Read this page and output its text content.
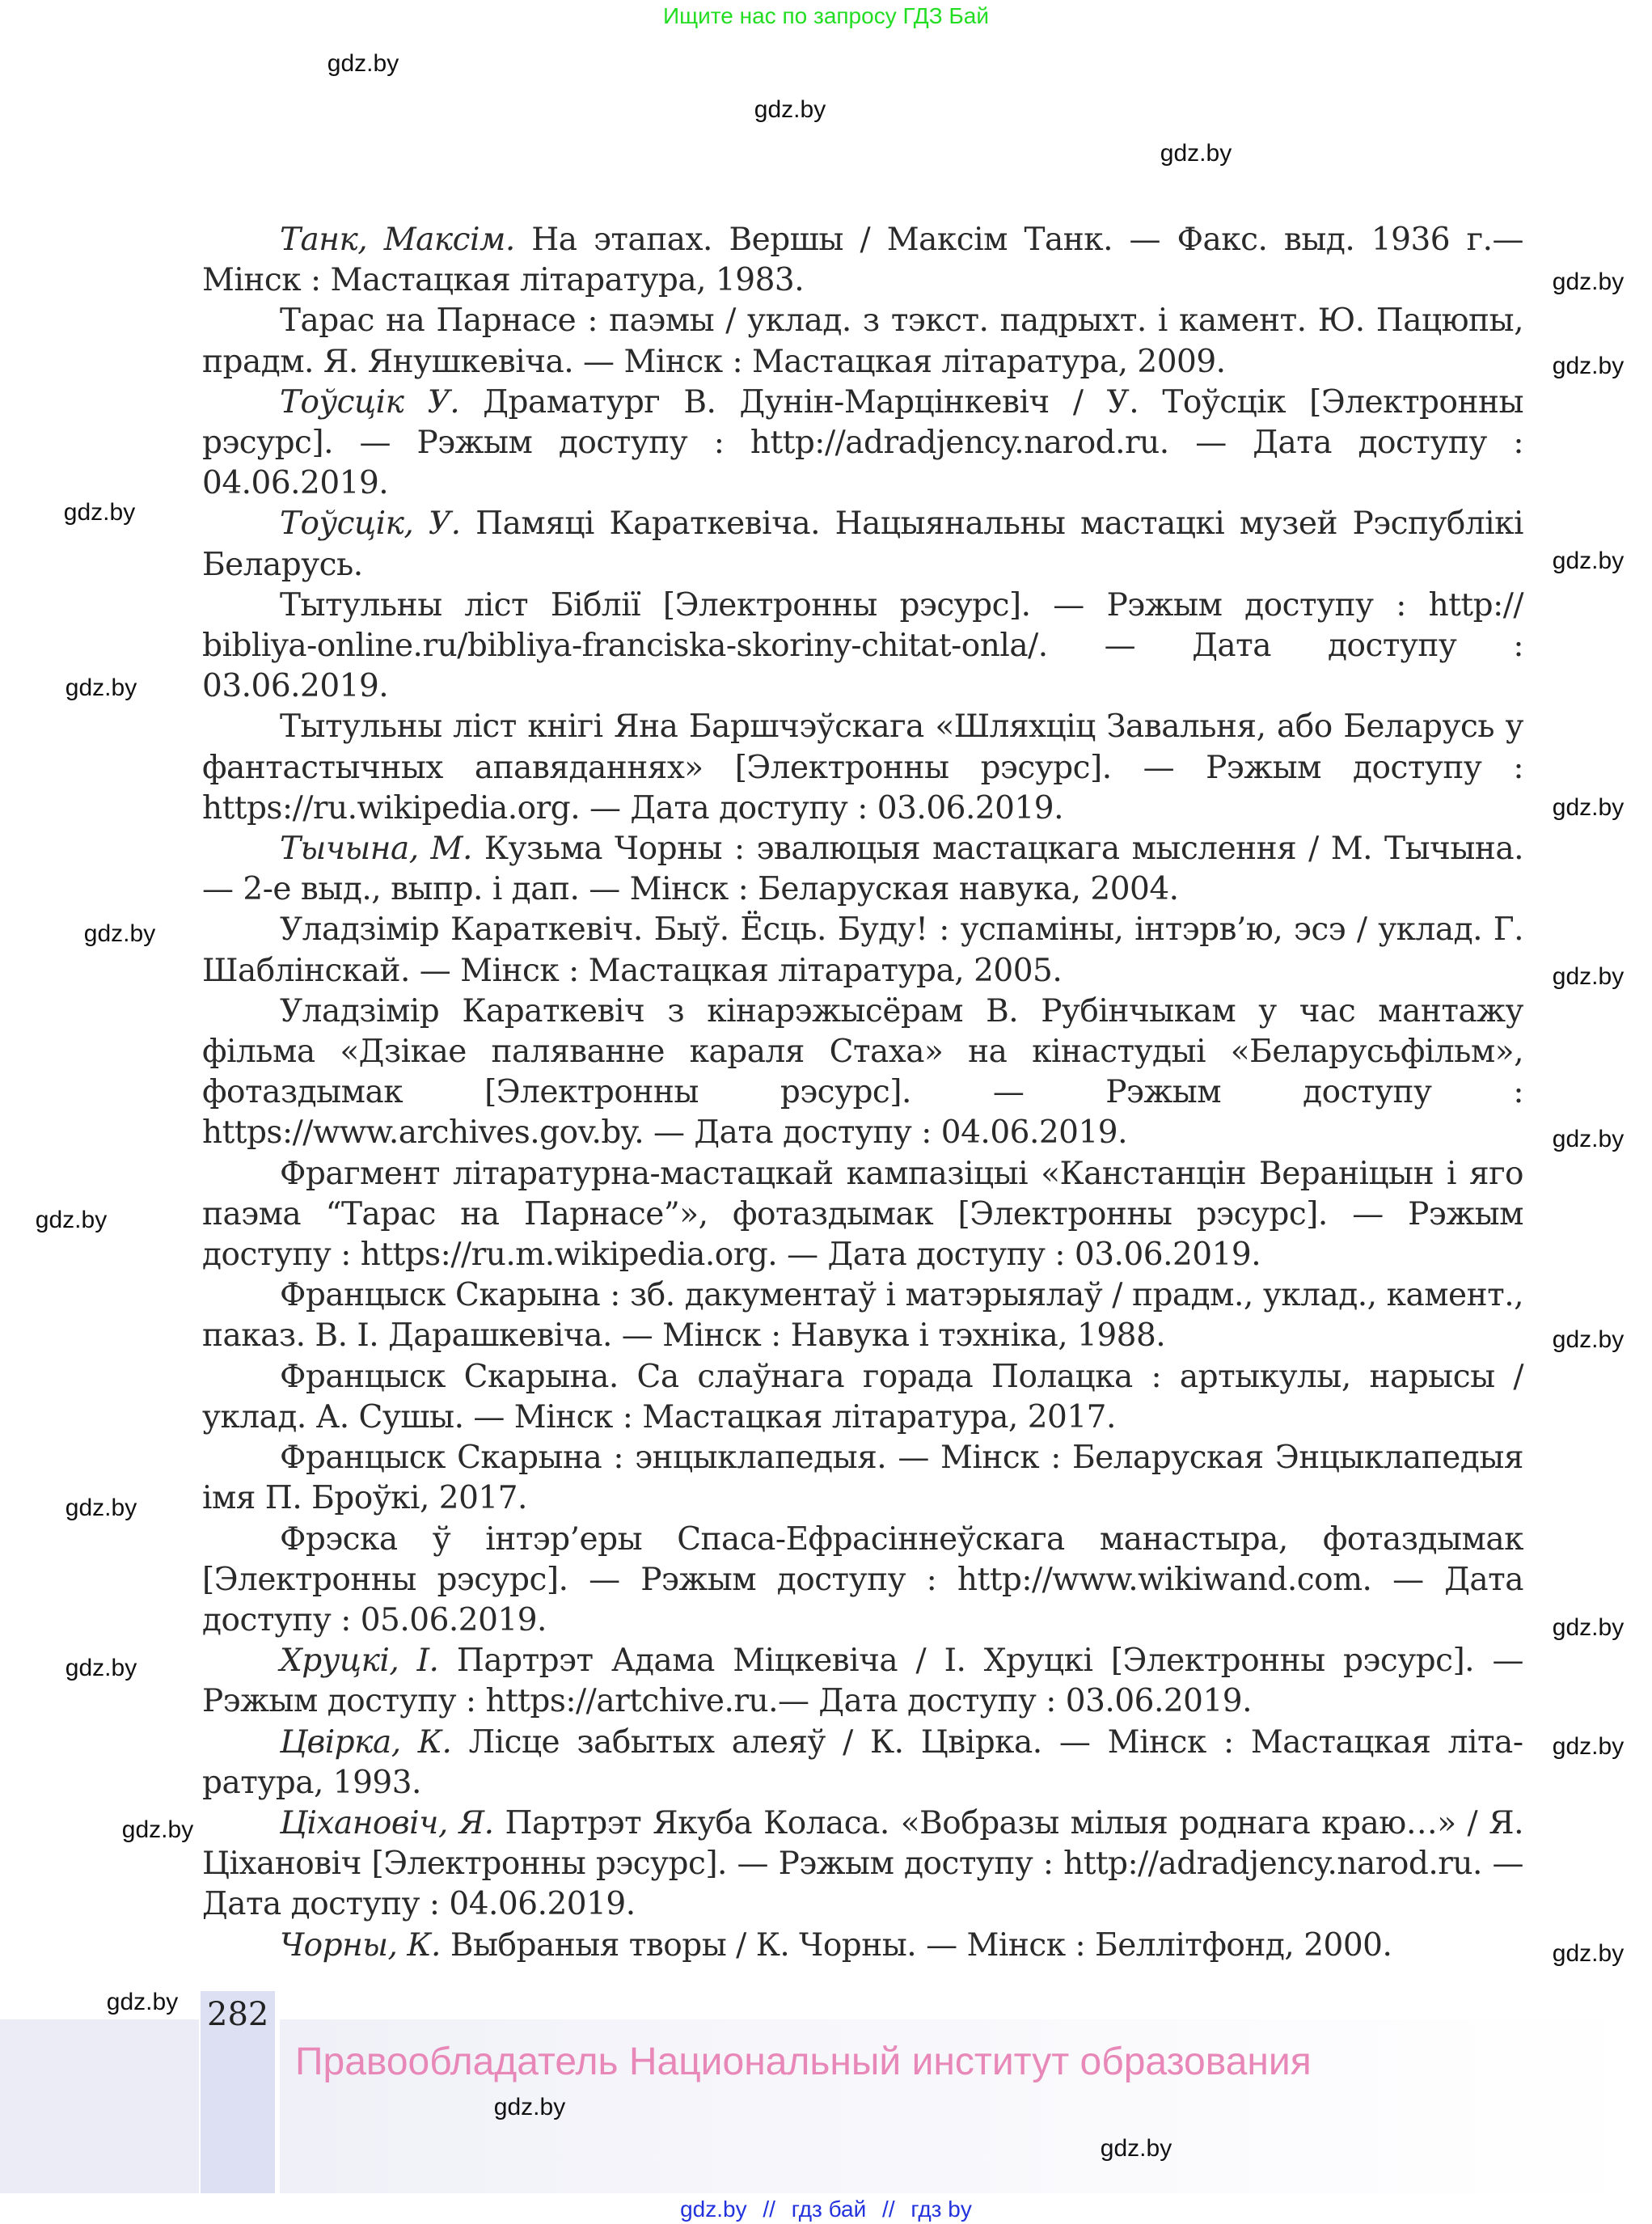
Ищите нас по запросу ГДЗ Бай

Танк, Максім. На этапах. Вершы / Максім Танк. — Факс. выд. 1936 г.— Мінск : Мастацкая літаратура, 1983.

Тарас на Парнасе : паэмы / уклад. з тэкст. падрыхт. і камент. Ю. Пацюпы, прадм. Я. Янушкевіча. — Мінск : Мастацкая літаратура, 2009.

Тоўсцік У. Драматург В. Дунін-Марцінкевіч / У. Тоўсцік [Электронны рэсурс]. — Рэжым доступу : http://adradjency.narod.ru. — Дата доступу : 04.06.2019.

Тоўсцік, У. Памяці Караткевіча. Нацыянальны мастацкі музей Рэспублікі Беларусь.

Тытульны ліст Біблії [Электронны рэсурс]. — Рэжым доступу : http:// bibliya-online.ru/bibliya-franciska-skoriny-chitat-onla/. — Дата доступу : 03.06.2019.

Тытульны ліст кнігі Яна Баршчэўскага «Шляхціц Завальня, або Беларусь у фантастычных апавяданнях» [Электронны рэсурс]. — Рэжым доступу : https://ru.wikipedia.org. — Дата доступу : 03.06.2019.

Тычына, М. Кузьма Чорны : эвалюцыя мастацкага мыслення / М. Тычына. — 2-е выд., выпр. і дап. — Мінск : Беларуская навука, 2004.

Уладзімір Караткевіч. Быў. Ёсць. Буду! : успаміны, інтэрв’ю, эсэ / уклад. Г. Шаблінскай. — Мінск : Мастацкая літаратура, 2005.

Уладзімір Караткевіч з кінарэжысёрам В. Рубінчыкам у час мантажу фільма «Дзікае паляванне караля Стаха» на кінастудыі «Беларусьфільм», фотаздымак [Электронны рэсурс]. — Рэжым доступу : https://www.archives.gov.by. — Дата доступу : 04.06.2019.

Фрагмент літаратурна-мастацкай кампазіцыі «Канстанцін Вераніцын і яго паэма “Тарас на Парнасе”», фотаздымак [Электронны рэсурс]. — Рэжым доступу : https://ru.m.wikipedia.org. — Дата доступу : 03.06.2019.

Францыск Скарына : зб. дакументаў і матэрыялаў / прадм., уклад., камент., паказ. В. І. Дарашкевіча. — Мінск : Навука і тэхніка, 1988.

Францыск Скарына. Са слаўнага горада Полацка : артыкулы, нарысы / уклад. А. Сушы. — Мінск : Мастацкая літаратура, 2017.

Францыск Скарына : энцыклапедыя. — Мінск : Беларуская Энцыклапедыя імя П. Броўкі, 2017.

Фрэска ў інтэр’еры Спаса-Ефрасіннеўскага манастыра, фотаздымак [Электронны рэсурс]. — Рэжым доступу : http://www.wikiwand.com. — Дата доступу : 05.06.2019.

Хруцкі, І. Партрэт Адама Міцкевіча / І. Хруцкі [Электронны рэсурс]. — Рэжым доступу : https://artchive.ru.— Дата доступу : 03.06.2019.

Цвірка, К. Лісце забытых алеяў / К. Цвірка. — Мінск : Мастацкая літаратура, 1993.

Ціхановіч, Я. Партрэт Якуба Коласа. «Вобразы мілыя роднага краю…» / Я. Ціхановіч [Электронны рэсурс]. — Рэжым доступу : http://adradjency.narod.ru. — Дата доступу : 04.06.2019.

Чорны, К. Выбраныя творы / К. Чорны. — Мінск : Беллітфонд, 2000.

282
Правообладатель Национальный институт образования
gdz.by // гдз бай // гдз by
gdz.by
gdz.by
gdz.by
gdz.by
gdz.by
gdz.by
gdz.by
gdz.by
gdz.by
gdz.by
gdz.by
gdz.by
gdz.by
gdz.by
gdz.by
gdz.by
gdz.by
gdz.by
gdz.by
gdz.by
gdz.by
gdz.by
gdz.by
